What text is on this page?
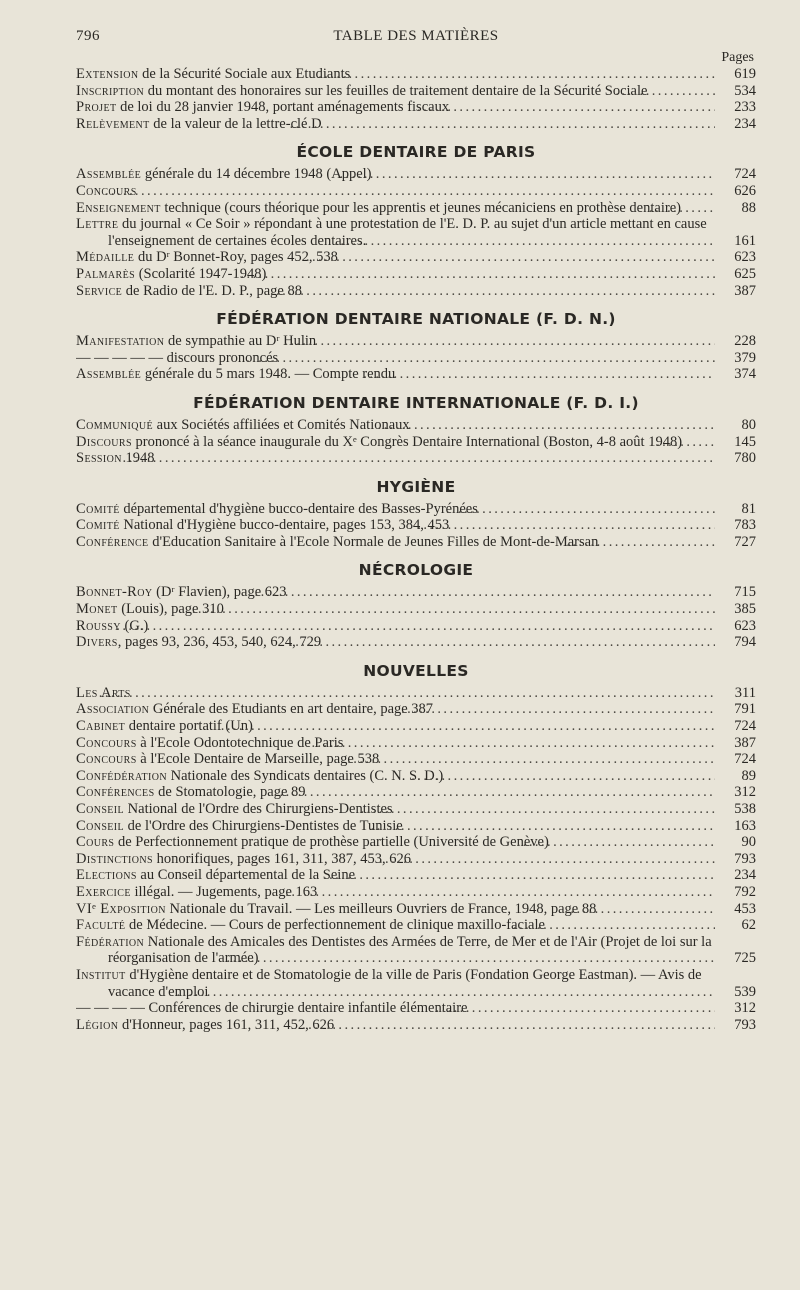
796	TABLE DES MATIÈRES
Pages
Extension de la Sécurité Sociale aux Etudiants . . .	619
Inscription du montant des honoraires sur les feuilles de traitement dentaire de la Sécurité Sociale . . .	534
Projet de loi du 28 janvier 1948, portant aménagements fiscaux . . .	233
Relèvement de la valeur de la lettre-clé D . . .	234
ÉCOLE DENTAIRE DE PARIS
Assemblée générale du 14 décembre 1948 (Appel) . . .	724
Concours . . .	626
Enseignement technique (cours théorique pour les apprentis et jeunes mécaniciens en prothèse dentaire) . . .	88
Lettre du journal « Ce Soir » répondant à une protestation de l'E. D. P. au sujet d'un article mettant en cause l'enseignement de certaines écoles dentaires. . . .	161
Médaille du Dʳ Bonnet-Roy, pages 452, 538 . . .	623
Palmarès (Scolarité 1947-1948) . . .	625
Service de Radio de l'E. D. P., page 88 . . .	387
FÉDÉRATION DENTAIRE NATIONALE (F. D. N.)
Manifestation de sympathie au Dʳ Hulin . . .	228
— — — — — discours prononcés . . .	379
Assemblée générale du 5 mars 1948. — Compte rendu . . .	374
FÉDÉRATION DENTAIRE INTERNATIONALE (F. D. I.)
Communiqué aux Sociétés affiliées et Comités Nationaux . . .	80
Discours prononcé à la séance inaugurale du Xᵉ Congrès Dentaire International (Boston, 4-8 août 1948) . . .	145
Session 1948 . . .	780
HYGIÈNE
Comité départemental d'hygiène bucco-dentaire des Basses-Pyrénées . . .	81
Comité National d'Hygiène bucco-dentaire, pages 153, 384, 453 . . .	783
Conférence d'Education Sanitaire à l'Ecole Normale de Jeunes Filles de Mont-de-Marsan . . .	727
NÉCROLOGIE
Bonnet-Roy (Dʳ Flavien), page 623 . . .	715
Monet (Louis), page 310 . . .	385
Roussy (G.) . . .	623
Divers, pages 93, 236, 453, 540, 624, 729 . . .	794
NOUVELLES
Les Arts . . .	311
Association Générale des Etudiants en art dentaire, page 387 . . .	791
Cabinet dentaire portatif (Un) . . .	724
Concours à l'Ecole Odontotechnique de Paris . . .	387
Concours à l'Ecole Dentaire de Marseille, page 538 . . .	724
Confédération Nationale des Syndicats dentaires (C. N. S. D.) . . .	89
Conférences de Stomatologie, page 89 . . .	312
Conseil National de l'Ordre des Chirurgiens-Dentistes . . .	538
Conseil de l'Ordre des Chirurgiens-Dentistes de Tunisie . . .	163
Cours de Perfectionnement pratique de prothèse partielle (Université de Genève) . . .	90
Distinctions honorifiques, pages 161, 311, 387, 453, 626 . . .	793
Elections au Conseil départemental de la Seine . . .	234
Exercice illégal. — Jugements, page 163 . . .	792
VIᵉ Exposition Nationale du Travail. — Les meilleurs Ouvriers de France, 1948, page 88 . . .	453
Faculté de Médecine. — Cours de perfectionnement de clinique maxillo-faciale . . .	62
Fédération Nationale des Amicales des Dentistes des Armées de Terre, de Mer et de l'Air (Projet de loi sur la réorganisation de l'armée) . . .	725
Institut d'Hygiène dentaire et de Stomatologie de la ville de Paris (Fondation George Eastman). — Avis de vacance d'emploi . . .	539
— — — — Conférences de chirurgie dentaire infantile élémentaire . . .	312
Légion d'Honneur, pages 161, 311, 452, 626 . . .	793
